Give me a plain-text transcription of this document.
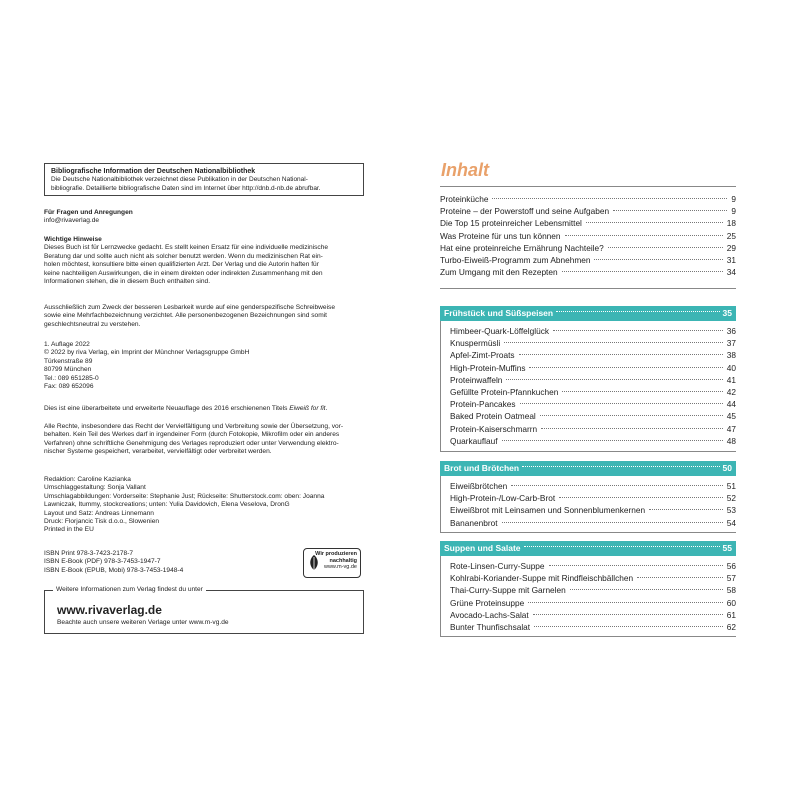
Bibliografische Information der Deutschen Nationalbibliothek
Die Deutsche Nationalbibliothek verzeichnet diese Publikation in der Deutschen National-
bibliografie. Detaillierte bibliografische Daten sind im Internet über http://dnb.d-nb.de abrufbar.
Für Fragen und Anregungen
info@rivaverlag.de
Wichtige Hinweise
Dieses Buch ist für Lernzwecke gedacht. Es stellt keinen Ersatz für eine individuelle medizinische
Beratung dar und sollte auch nicht als solcher benutzt werden. Wenn du medizinischen Rat ein-
holen möchtest, konsultiere bitte einen qualifizierten Arzt. Der Verlag und die Autorin haften für
keine nachteiligen Auswirkungen, die in einem direkten oder indirekten Zusammenhang mit den
Informationen stehen, die in diesem Buch enthalten sind.
Ausschließlich zum Zweck der besseren Lesbarkeit wurde auf eine genderspezifische Schreibweise
sowie eine Mehrfachbezeichnung verzichtet. Alle personenbezogenen Bezeichnungen sind somit
geschlechtsneutral zu verstehen.
1. Auflage 2022
© 2022 by riva Verlag, ein Imprint der Münchner Verlagsgruppe GmbH
Türkenstraße 89
80799 München
Tel.: 089 651285-0
Fax: 089 652096
Dies ist eine überarbeitete und erweiterte Neuauflage des 2016 erschienenen Titels Eiweiß for fit.
Alle Rechte, insbesondere das Recht der Vervielfältigung und Verbreitung sowie der Übersetzung, vor-
behalten. Kein Teil des Werkes darf in irgendeiner Form (durch Fotokopie, Mikrofilm oder ein anderes
Verfahren) ohne schriftliche Genehmigung des Verlages reproduziert oder unter Verwendung elektro-
nischer Systeme gespeichert, verarbeitet, vervielfältigt oder verbreitet werden.
Redaktion: Caroline Kazianka
Umschlaggestaltung: Sonja Vallant
Umschlagabbildungen: Vorderseite: Stephanie Just; Rückseite: Shutterstock.com: oben: Joanna
Lawniczak, Itummy, stockcreations; unten: Yulia Davidovich, Elena Veselova, DronG
Layout und Satz: Andreas Linnemann
Druck: Florjancic Tisk d.o.o., Slowenien
Printed in the EU
ISBN Print 978-3-7423-2178-7
ISBN E-Book (PDF) 978-3-7453-1947-7
ISBN E-Book (EPUB, Mobi) 978-3-7453-1948-4
Wir produzieren
nachhaltig
www.m-vg.de
Weitere Informationen zum Verlag findest du unter
www.rivaverlag.de
Beachte auch unsere weiteren Verlage unter www.m-vg.de
Inhalt
Proteinküche	9
Proteine – der Powerstoff und seine Aufgaben	9
Die Top 15 proteinreicher Lebensmittel	18
Was Proteine für uns tun können	25
Hat eine proteinreiche Ernährung Nachteile?	29
Turbo-Eiweiß-Programm zum Abnehmen	31
Zum Umgang mit den Rezepten	34
Frühstück und Süßspeisen	35
Himbeer-Quark-Löffelglück	36
Knuspermüsli	37
Apfel-Zimt-Proats	38
High-Protein-Muffins	40
Proteinwaffeln	41
Gefüllte Protein-Pfannkuchen	42
Protein-Pancakes	44
Baked Protein Oatmeal	45
Protein-Kaiserschmarrn	47
Quarkauflauf	48
Brot und Brötchen	50
Eiweißbrötchen	51
High-Protein-/Low-Carb-Brot	52
Eiweißbrot mit Leinsamen und Sonnenblumenkernen	53
Bananenbrot	54
Suppen und Salate	55
Rote-Linsen-Curry-Suppe	56
Kohlrabi-Koriander-Suppe mit Rindfleischbällchen	57
Thai-Curry-Suppe mit Garnelen	58
Grüne Proteinsuppe	60
Avocado-Lachs-Salat	61
Bunter Thunfischsalat	62
